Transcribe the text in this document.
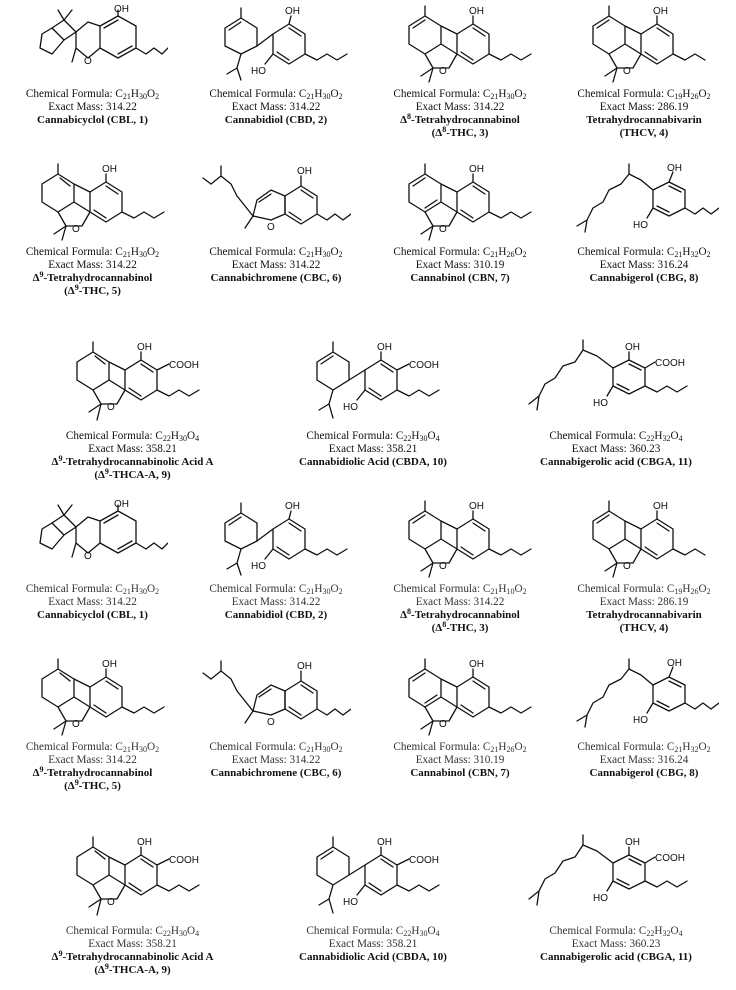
OH
O
Chemical Formula: $C_{21}H_{30}O_2$
Exact Mass: 314.22
Cannabicyclol (CBL, 1)
OH
HO
Chemical Formula: $C_{21}H_{30}O_2$
Exact Mass: 314.22
Cannabidiol (CBD, 2)
O
OH
Chemical Formula: $C_{21}H_{30}O_2$
Exact Mass: 314.22
$\Delta^8$-Tetrahydrocannabinol
($\Delta^8$-THC, 3)
O
OH
Chemical Formula: $C_{19}H_{26}O_2$
Exact Mass: 286.19
Tetrahydrocannabivarin
(THCV, 4)
O
OH
Chemical Formula: $C_{21}H_{30}O_2$
Exact Mass: 314.22
$\Delta^9$-Tetrahydrocannabinol
($\Delta^9$-THC, 5)
O
OH
Chemical Formula: $C_{21}H_{30}O_2$
Exact Mass: 314.22
Cannabichromene (CBC, 6)
O
OH
Chemical Formula: $C_{21}H_{26}O_2$
Exact Mass: 310.19
Cannabinol (CBN, 7)
OH
HO
Chemical Formula: $C_{21}H_{32}O_2$
Exact Mass: 316.24
Cannabigerol (CBG, 8)
O
OH
COOH
Chemical Formula: $C_{22}H_{30}O_4$
Exact Mass: 358.21
$\Delta^9$-Tetrahydrocannabinolic Acid A
($\Delta^9-THCA-A$, 9)
OH
HO
COOH
Chemical Formula: $C_{22}H_{30}O_4$
Exact Mass: 358.21
Cannabidiolic Acid (CBDA, 10)
OH
HO
COOH
Chemical Formula: $C_{22}H_{32}O_4$
Exact Mass: 360.23
Cannabigerolic acid (CBGA, 11)
OH
O
Chemical Formula: $C_{21}H_{30}O_2$
Exact Mass: 314.22
Cannabicyclol (CBL, 1)
OH
HO
Chemical Formula: $C_{21}H_{30}O_2$
Exact Mass: 314.22
Cannabidiol (CBD, 2)
O
OH
Chemical Formula: $C_{21}H_{10}O_2$
Exact Mass: 314.22
$\Delta^8$-Tetrahydrocannabinol
($\Delta^8$-THC, 3)
O
OH
Chemical Formula: $C_{19}H_{26}O_2$
Exact Mass: 286.19
Tetrahydrocannabivarin
(THCV, 4)
O
OH
Chemical Formula: $C_{21}H_{30}O_2$
Exact Mass: 314.22
$\Delta^9$-Tetrahydrocannabinol
($\Delta^9$-THC, 5)
O
OH
Chemical Formula: $C_{21}H_{30}O_2$
Exact Mass: 314.22
Cannabichromene (CBC, 6)
O
OH
Chemical Formula: $C_{21}H_{26}O_2$
Exact Mass: 310.19
Cannabinol (CBN, 7)
OH
HO
Chemical Formula: $C_{21}H_{32}O_2$
Exact Mass: 316.24
Cannabigerol (CBG, 8)
O
OH
COOH
Chemical Formula: $C_{22}H_{30}O_4$
Exact Mass: 358.21
$\Delta^9$-Tetrahydrocannabinolic Acid A
($\Delta^9-THCA-A$, 9)
OH
HO
COOH
Chemical Formula: $C_{22}H_{30}O_4$
Exact Mass: 358.21
Cannabidiolic Acid (CBDA, 10)
OH
HO
COOH
Chemical Formula: $C_{22}H_{32}O_4$
Exact Mass: 360.23
Cannabigerolic acid (CBGA, 11)
